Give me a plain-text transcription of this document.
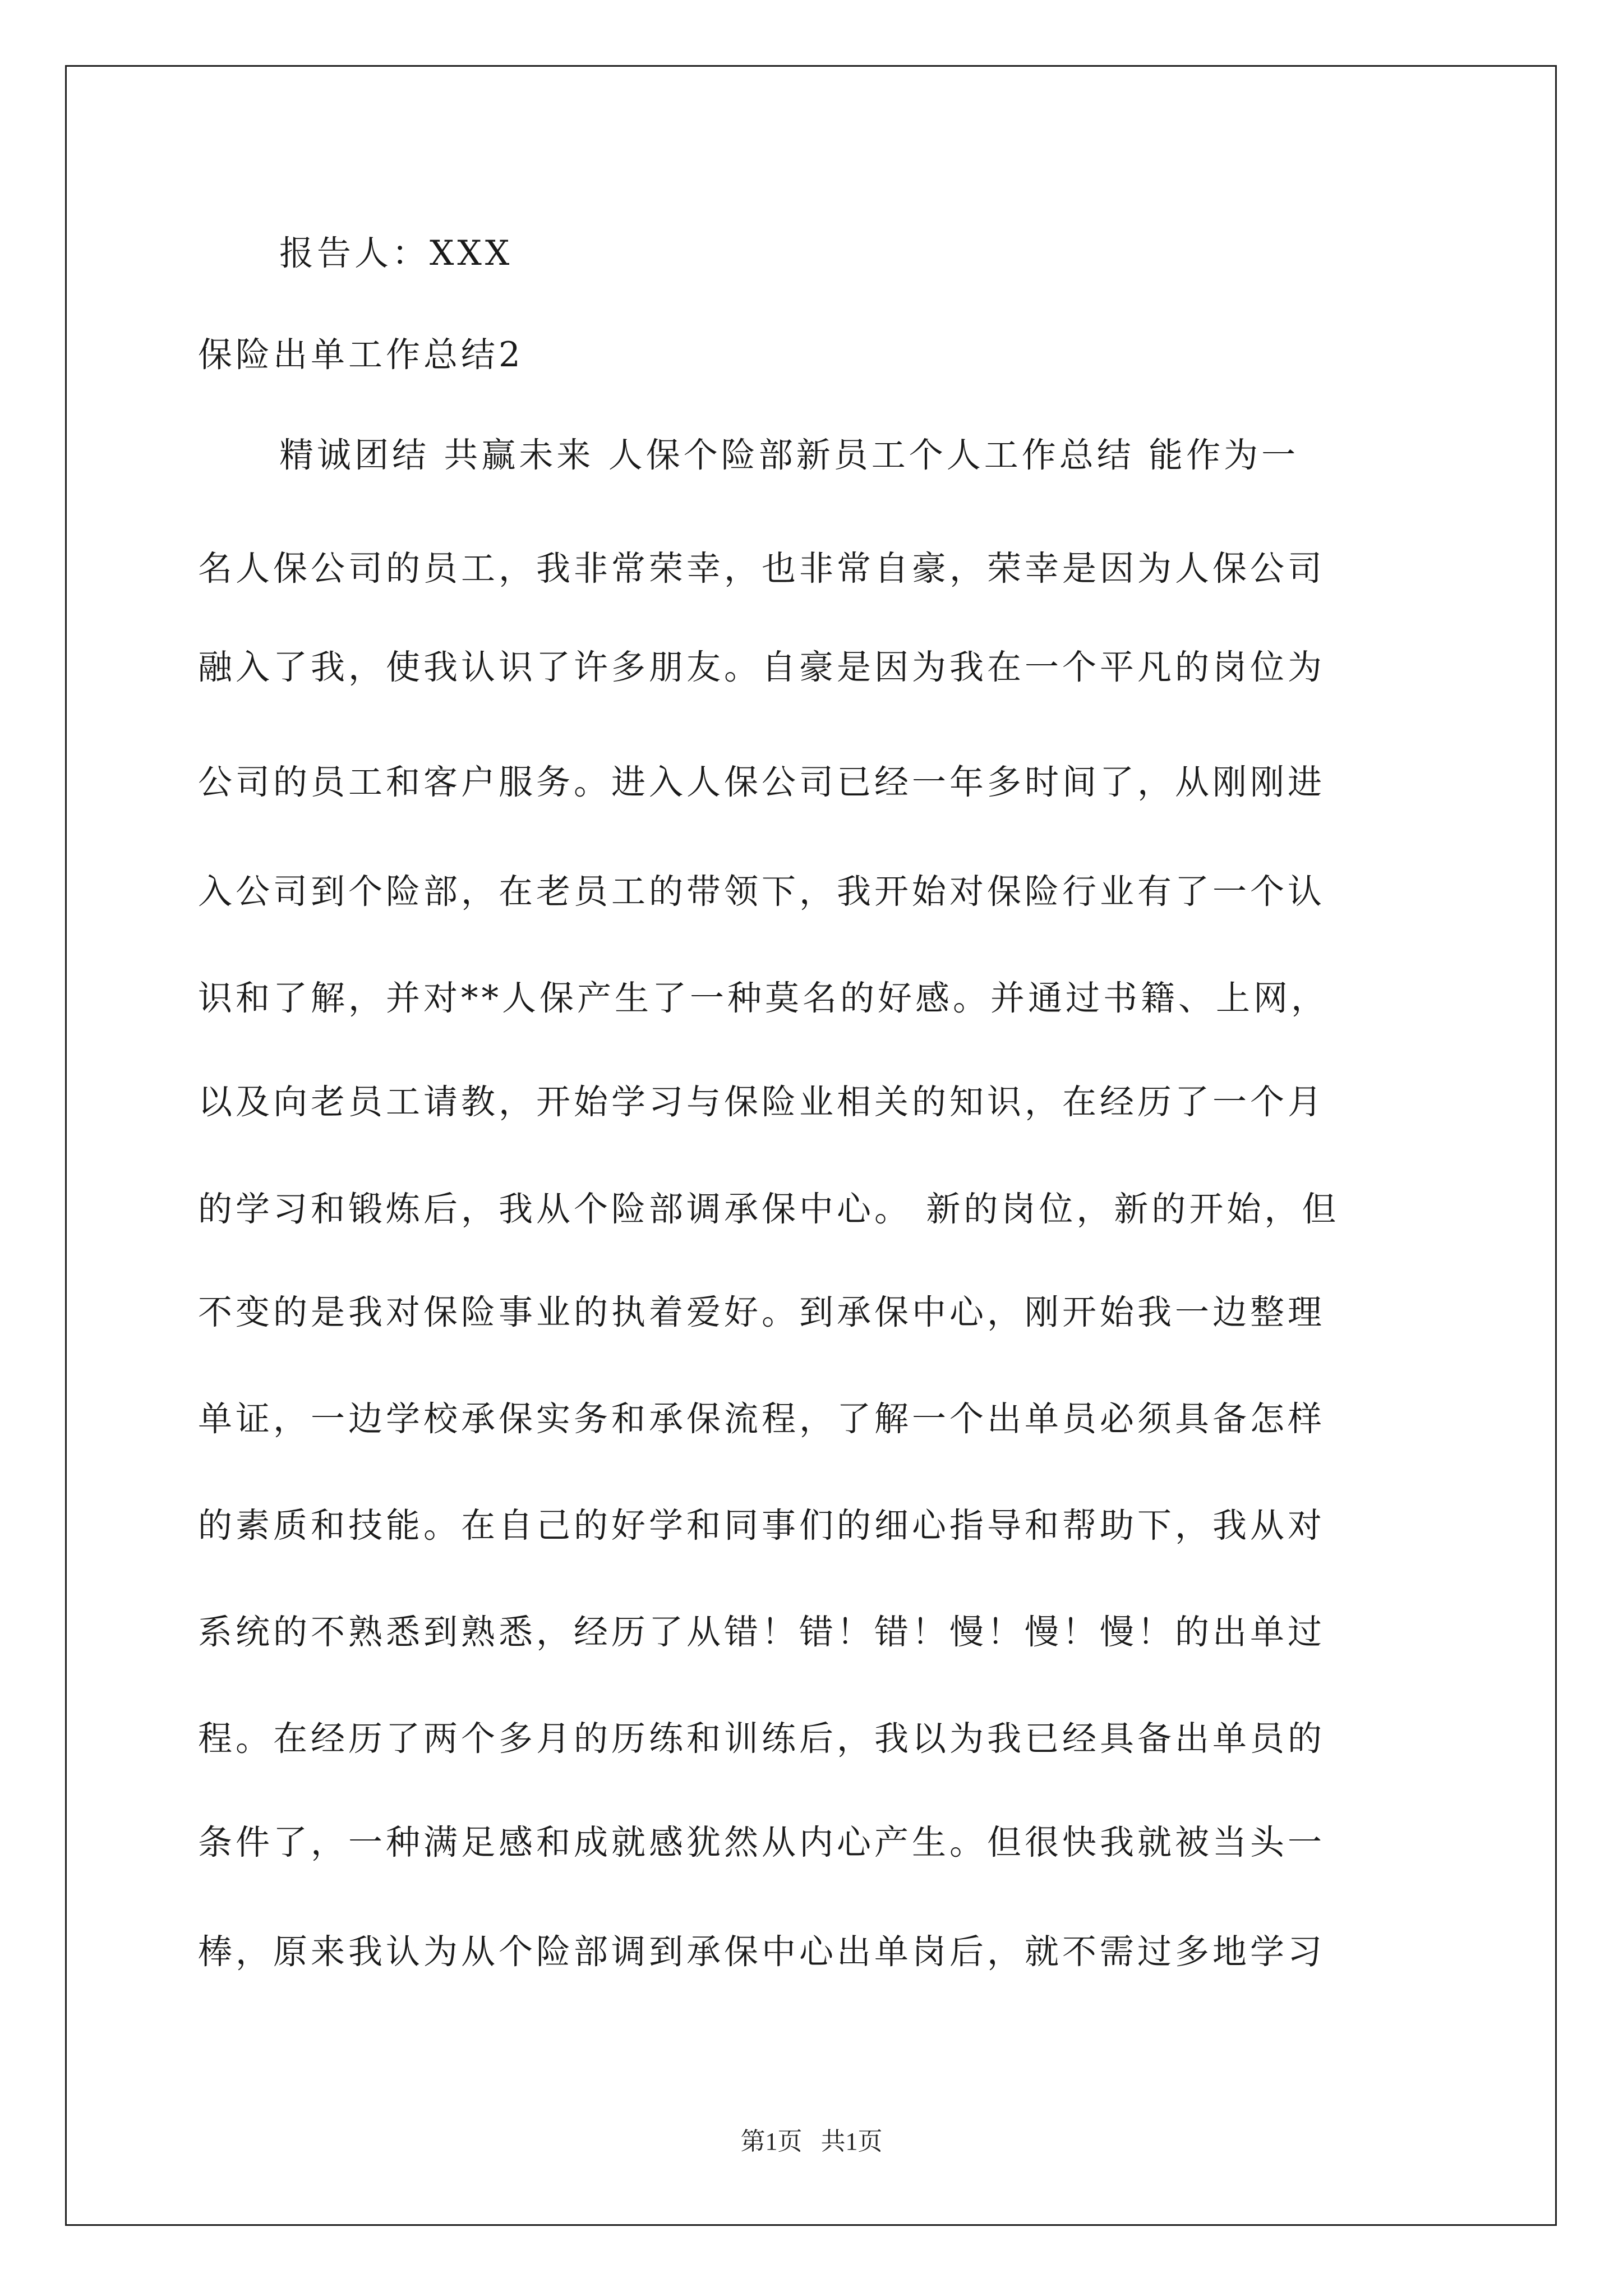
报告人：XXX
保险出单工作总结2
精诚团结 共赢未来 人保个险部新员工个人工作总结 能作为一
名人保公司的员工，我非常荣幸，也非常自豪，荣幸是因为人保公司
融入了我，使我认识了许多朋友。自豪是因为我在一个平凡的岗位为
公司的员工和客户服务。进入人保公司已经一年多时间了，从刚刚进
入公司到个险部，在老员工的带领下，我开始对保险行业有了一个认
识和了解，并对**人保产生了一种莫名的好感。并通过书籍、上网，
以及向老员工请教，开始学习与保险业相关的知识，在经历了一个月
的学习和锻炼后，我从个险部调承保中心。 新的岗位，新的开始，但
不变的是我对保险事业的执着爱好。到承保中心，刚开始我一边整理
单证，一边学校承保实务和承保流程，了解一个出单员必须具备怎样
的素质和技能。在自己的好学和同事们的细心指导和帮助下，我从对
系统的不熟悉到熟悉，经历了从错！错！错！慢！慢！慢！的出单过
程。在经历了两个多月的历练和训练后，我以为我已经具备出单员的
条件了，一种满足感和成就感犹然从内心产生。但很快我就被当头一
棒，原来我认为从个险部调到承保中心出单岗后，就不需过多地学习
第1页   共1页
